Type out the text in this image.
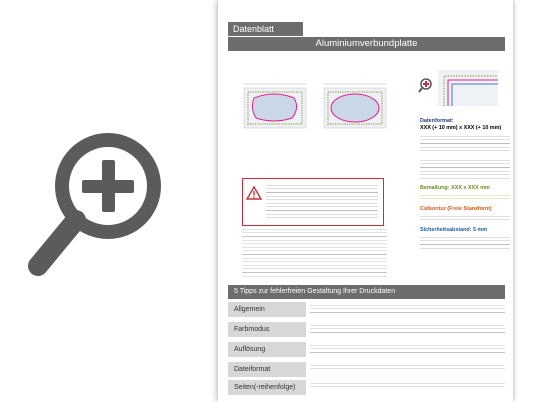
Datenblatt
Aluminiumverbundplatte
Datenformat:
XXX (+ 10 mm) x XXX (+ 10 mm)
Bemaßung: XXX x XXX mm
Cutkontur (Freie Stanzform)
Sicherheitsabstand: 5 mm
5 Tipps zur fehlerfreien Gestaltung Ihrer Druckdaten
Allgemein
Farbmodus
Auflösung
Dateiformat
Seiten(-reihenfolge)
